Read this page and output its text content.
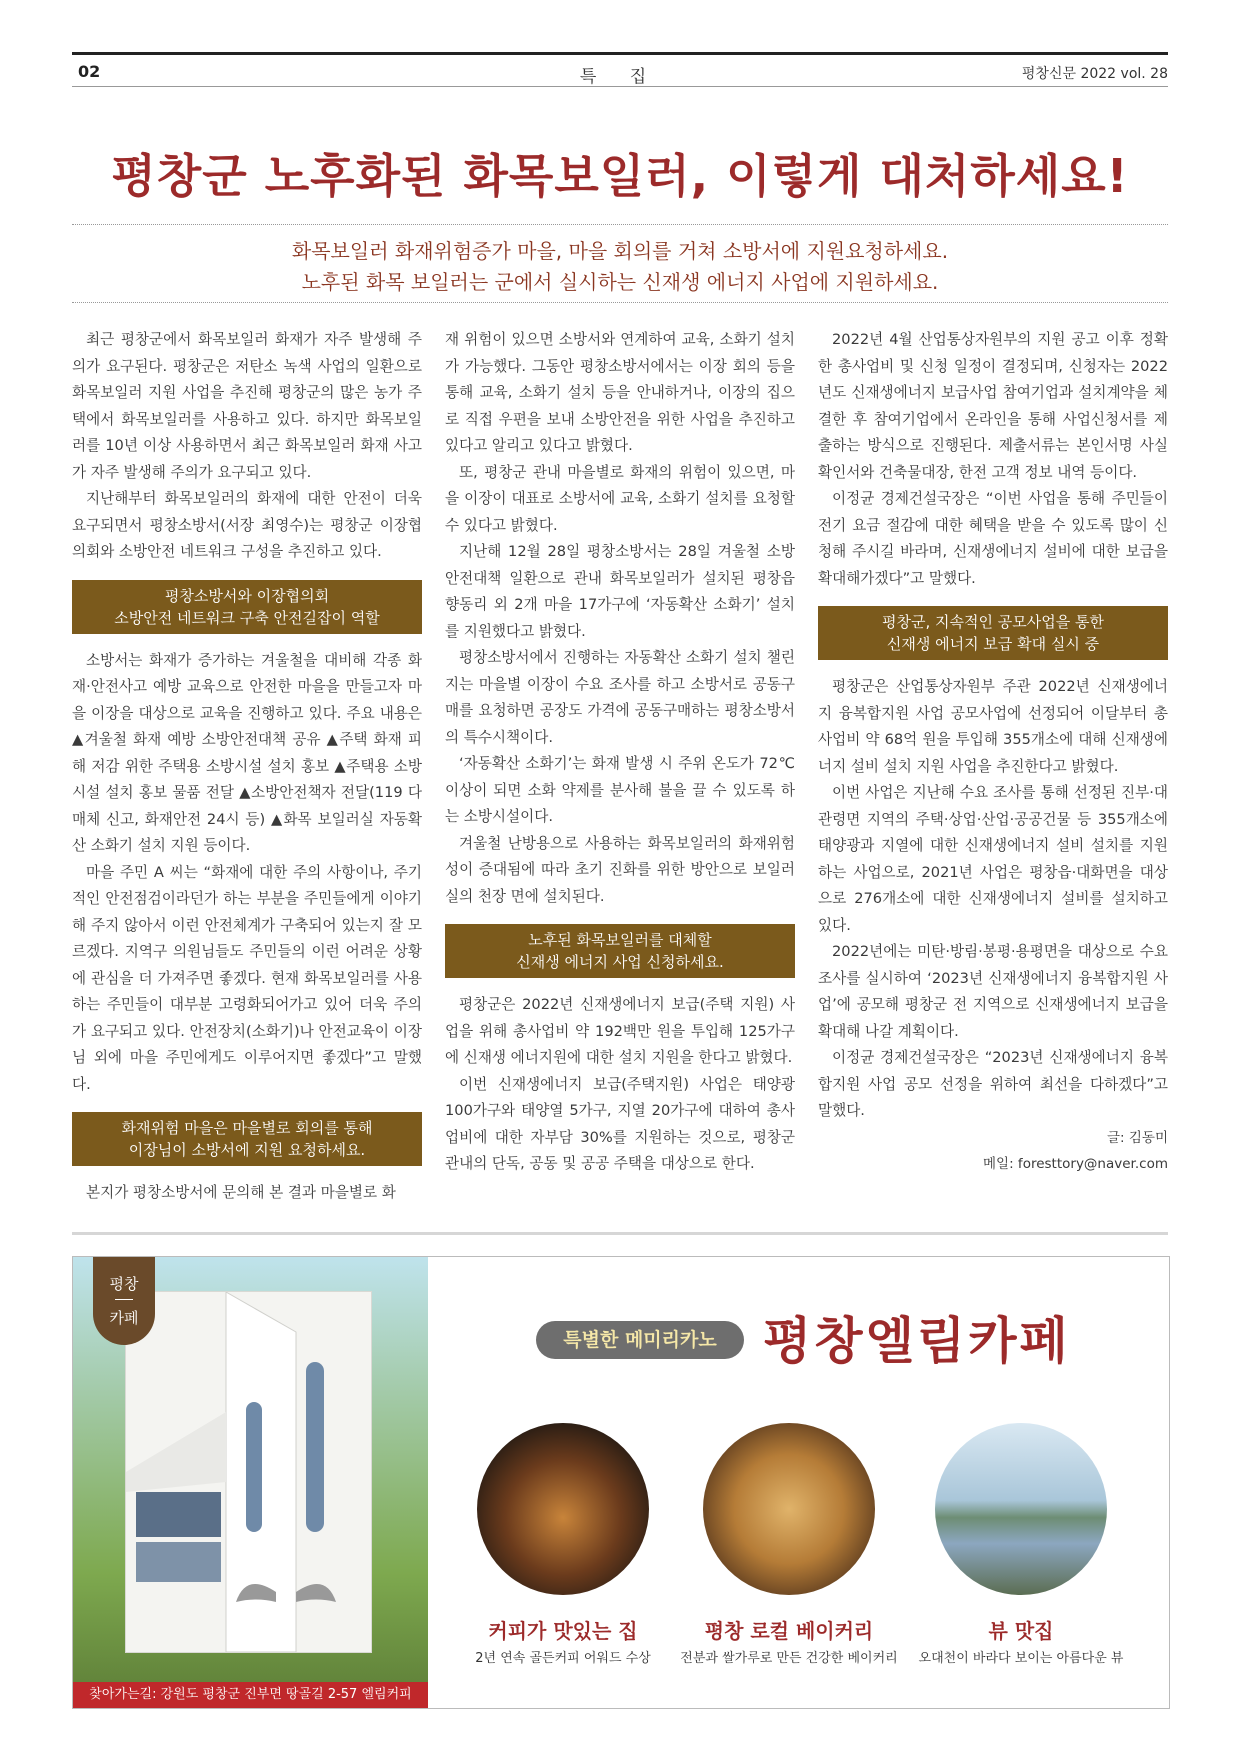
02	특 집	평창신문 2022 vol. 28
평창군 노후화된 화목보일러, 이렇게 대처하세요!
화목보일러 화재위험증가 마을, 마을 회의를 거쳐 소방서에 지원요청하세요.
노후된 화목 보일러는 군에서 실시하는 신재생 에너지 사업에 지원하세요.

최근 평창군에서 화목보일러 화재가 자주 발생해 주의가 요구된다. 평창군은 저탄소 녹색 사업의 일환으로 화목보일러 지원 사업을 추진해 평창군의 많은 농가 주택에서 화목보일러를 사용하고 있다. 하지만 화목보일러를 10년 이상 사용하면서 최근 화목보일러 화재 사고가 자주 발생해 주의가 요구되고 있다.

지난해부터 화목보일러의 화재에 대한 안전이 더욱 요구되면서 평창소방서(서장 최영수)는 평창군 이장협의회와 소방안전 네트워크 구성을 추진하고 있다.

평창소방서와 이장협의회
소방안전 네트워크 구축 안전길잡이 역할

소방서는 화재가 증가하는 겨울철을 대비해 각종 화재·안전사고 예방 교육으로 안전한 마을을 만들고자 마을 이장을 대상으로 교육을 진행하고 있다. 주요 내용은 ▲겨울철 화재 예방 소방안전대책 공유 ▲주택 화재 피해 저감 위한 주택용 소방시설 설치 홍보 ▲주택용 소방시설 설치 홍보 물품 전달 ▲소방안전책자 전달(119 다매체 신고, 화재안전 24시 등) ▲화목 보일러실 자동확산 소화기 설치 지원 등이다.

마을 주민 A 씨는 “화재에 대한 주의 사항이나, 주기적인 안전점검이라던가 하는 부분을 주민들에게 이야기해 주지 않아서 이런 안전체계가 구축되어 있는지 잘 모르겠다. 지역구 의원님들도 주민들의 이런 어려운 상황에 관심을 더 가져주면 좋겠다. 현재 화목보일러를 사용하는 주민들이 대부분 고령화되어가고 있어 더욱 주의가 요구되고 있다. 안전장치(소화기)나 안전교육이 이장님 외에 마을 주민에게도 이루어지면 좋겠다”고 말했다.

화재위험 마을은 마을별로 회의를 통해
이장님이 소방서에 지원 요청하세요.

본지가 평창소방서에 문의해 본 결과 마을별로 화

재 위험이 있으면 소방서와 연계하여 교육, 소화기 설치가 가능했다. 그동안 평창소방서에서는 이장 회의 등을 통해 교육, 소화기 설치 등을 안내하거나, 이장의 집으로 직접 우편을 보내 소방안전을 위한 사업을 추진하고 있다고 알리고 있다고 밝혔다.

또, 평창군 관내 마을별로 화재의 위험이 있으면, 마을 이장이 대표로 소방서에 교육, 소화기 설치를 요청할 수 있다고 밝혔다.

지난해 12월 28일 평창소방서는 28일 겨울철 소방안전대책 일환으로 관내 화목보일러가 설치된 평창읍 향동리 외 2개 마을 17가구에 ‘자동확산 소화기’ 설치를 지원했다고 밝혔다.

평창소방서에서 진행하는 자동확산 소화기 설치 챌린지는 마을별 이장이 수요 조사를 하고 소방서로 공동구매를 요청하면 공장도 가격에 공동구매하는 평창소방서의 특수시책이다.

‘자동확산 소화기’는 화재 발생 시 주위 온도가 72℃ 이상이 되면 소화 약제를 분사해 불을 끌 수 있도록 하는 소방시설이다.

겨울철 난방용으로 사용하는 화목보일러의 화재위험성이 증대됨에 따라 초기 진화를 위한 방안으로 보일러실의 천장 면에 설치된다.

노후된 화목보일러를 대체할
신재생 에너지 사업 신청하세요.

평창군은 2022년 신재생에너지 보급(주택 지원) 사업을 위해 총사업비 약 192백만 원을 투입해 125가구에 신재생 에너지원에 대한 설치 지원을 한다고 밝혔다.

이번 신재생에너지 보급(주택지원) 사업은 태양광 100가구와 태양열 5가구, 지열 20가구에 대하여 총사업비에 대한 자부담 30%를 지원하는 것으로, 평창군 관내의 단독, 공동 및 공공 주택을 대상으로 한다.

2022년 4월 산업통상자원부의 지원 공고 이후 정확한 총사업비 및 신청 일정이 결정되며, 신청자는 2022년도 신재생에너지 보급사업 참여기업과 설치계약을 체결한 후 참여기업에서 온라인을 통해 사업신청서를 제출하는 방식으로 진행된다. 제출서류는 본인서명 사실 확인서와 건축물대장, 한전 고객 정보 내역 등이다.

이정균 경제건설국장은 “이번 사업을 통해 주민들이 전기 요금 절감에 대한 혜택을 받을 수 있도록 많이 신청해 주시길 바라며, 신재생에너지 설비에 대한 보급을 확대해가겠다”고 말했다.

평창군, 지속적인 공모사업을 통한
신재생 에너지 보급 확대 실시 중

평창군은 산업통상자원부 주관 2022년 신재생에너지 융복합지원 사업 공모사업에 선정되어 이달부터 총사업비 약 68억 원을 투입해 355개소에 대해 신재생에너지 설비 설치 지원 사업을 추진한다고 밝혔다.

이번 사업은 지난해 수요 조사를 통해 선정된 진부·대관령면 지역의 주택·상업·산업·공공건물 등 355개소에 태양광과 지열에 대한 신재생에너지 설비 설치를 지원하는 사업으로, 2021년 사업은 평창읍·대화면을 대상으로 276개소에 대한 신재생에너지 설비를 설치하고 있다.

2022년에는 미탄·방림·봉평·용평면을 대상으로 수요 조사를 실시하여 ‘2023년 신재생에너지 융복합지원 사업’에 공모해 평창군 전 지역으로 신재생에너지 보급을 확대해 나갈 계획이다.

이정균 경제건설국장은 “2023년 신재생에너지 융복합지원 사업 공모 선정을 위하여 최선을 다하겠다”고 말했다.

글: 김동미

메일: foresttory@naver.com

평창
카페
찾아가는길: 강원도 평창군 진부면 땅골길 2-57 엘림커피
특별한 메미리카노 평창엘림카페
커피가 맛있는 집
2년 연속 골든커피 어워드 수상
평창 로컬 베이커리
전분과 쌀가루로 만든 건강한 베이커리
뷰 맛집
오대천이 바라다 보이는 아름다운 뷰
